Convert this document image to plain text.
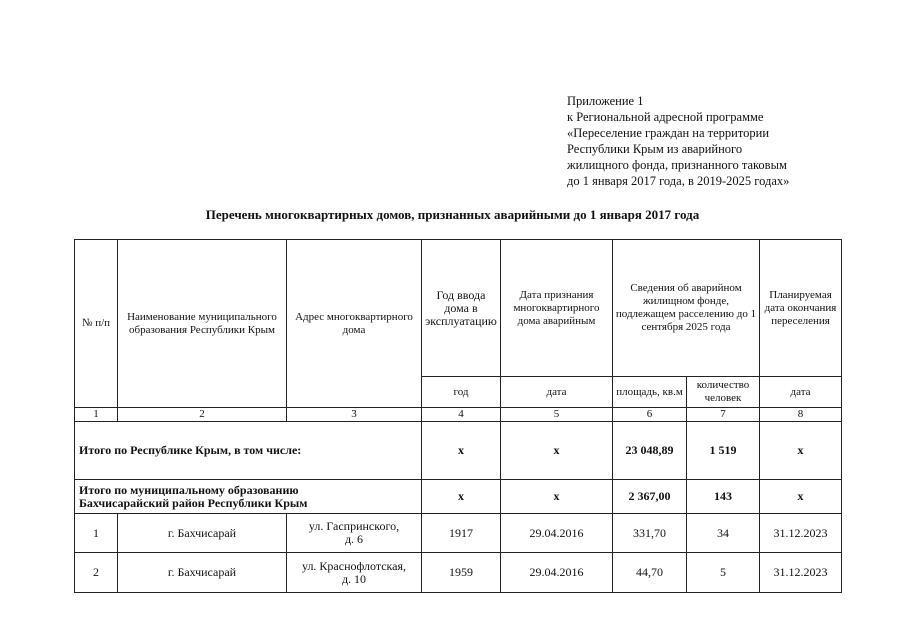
Приложение 1
к Региональной адресной программе
«Переселение граждан на территории
Республики Крым из аварийного
жилищного фонда, признанного таковым
до 1 января 2017 года, в 2019-2025 годах»
Перечень многоквартирных домов, признанных аварийными до 1 января 2017 года
№ п/п	Наименование муниципального образования Республики Крым	Адрес многоквартирного дома	Год ввода дома в эксплуатацию	Дата признания многоквартирного дома аварийным	Сведения об аварийном жилищном фонде, подлежащем расселению до 1 сентября 2025 года		Планируемая дата окончания переселения
			год	дата	площадь, кв.м	количество человек	дата
1	2	3	4	5	6	7	8
Итого по Республике Крым, в том числе:			x	x	23 048,89	1 519	x

Итого по муниципальному образованию
Бахчисарайский район Республики Крым			x	x	2 367,00	143	x
1	г. Бахчисарай	ул. Гаспринского,
д. 6	1917	29.04.2016	331,70	34	31.12.2023
2	г. Бахчисарай	ул. Краснофлотская,
д. 10	1959	29.04.2016	44,70	5	31.12.2023
